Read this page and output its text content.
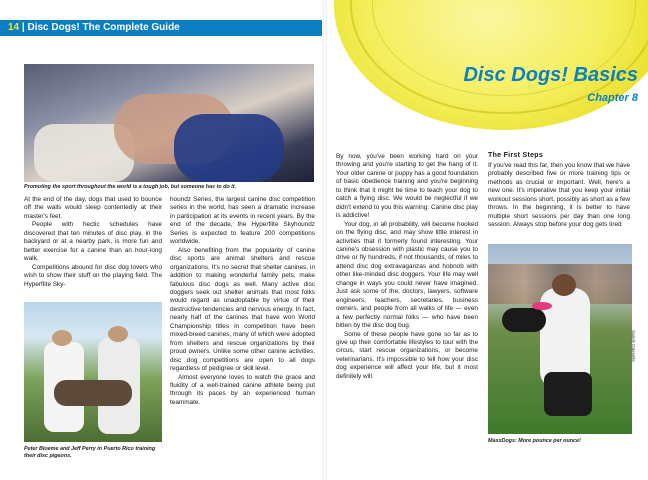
14 | Disc Dogs! The Complete Guide
Promoting the sport throughout the world is a tough job, but someone has to do it.

At the end of the day, dogs that used to bounce off the walls would sleep contentedly at their master's feet.

People with hectic schedules have discovered that ten minutes of disc play, in the backyard or at a nearby park, is more fun and better exercise for a canine than an hour-long walk.

Competitions abound for disc dog lovers who wish to show their stuff on the playing field. The Hyperflite Sky-

houndz Series, the largest canine disc competition series in the world, has seen a dramatic increase in participation at its events in recent years. By the end of the decade, the Hyperflite Skyhoundz Series is expected to feature 200 competitions worldwide.

Also benefiting from the popularity of canine disc sports are animal shelters and rescue organizations. It's no secret that shelter canines, in addition to making wonderful family pets, make fabulous disc dogs as well. Many active disc doggers seek out shelter animals that most folks would regard as unadoptable by virtue of their destructive tendencies and nervous energy. In fact, nearly half of the canines that have won World Championship titles in competition have been mixed-breed canines, many of which were adopted from shelters and rescue organizations by their proud owners. Unlike some other canine activities, disc dog competitions are open to all dogs regardless of pedigree or skill level.

Almost everyone loves to watch the grace and fluidity of a well-trained canine athlete being put through its paces by an experienced human teammate.

Peter Bloeme and Jeff Perry in Puerto Rico training their disc pigeons.
Disc Dogs! Basics
Chapter 8

By now, you've been working hard on your throwing and you're starting to get the hang of it. Your older canine or puppy has a good foundation of basic obedience training and you're beginning to think that it might be time to teach your dog to catch a flying disc. We would be neglectful if we didn't extend to you this warning: Canine disc play is addictive!

Your dog, in all probability, will become hooked on the flying disc, and may show little interest in activities that it formerly found interesting. Your canine's obsession with plastic may cause you to drive or fly hundreds, if not thousands, of miles to attend disc dog extravaganzas and hobnob with other like-minded disc doggers. Your life may well change in ways you could never have imagined. Just ask some of the, doctors, lawyers, software engineers, teachers, secretaries, business owners, and people from all walks of life — even a few perfectly normal folks — who have been bitten by the disc dog bug.

Some of these people have gone so far as to give up their comfortable lifestyles to tour with the circus, start rescue organizations, or become veterinarians. It's impossible to tell how your disc dog experience will affect your life, but it most definitely will.

The First Steps

If you've read this far, then you know that we have probably described five or more training tips or methods as crucial or important. Well, here's a new one. It's imperative that you keep your initial workout sessions short, possibly as short as a few throws. In the beginning, it is better to have multiple short sessions per day than one long session. Always stop before your dog gets tired

Sandy Dasselle
MaxxDogs: More pounce per ounce!
